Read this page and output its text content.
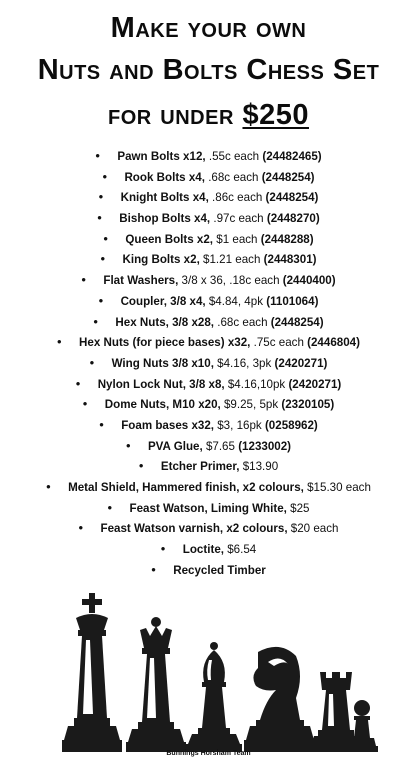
Make your own
Nuts and Bolts Chess Set
for under $250
• Pawn Bolts x12, .55c each (24482465)
• Rook Bolts x4, .68c each (2448254)
• Knight Bolts x4, .86c each (2448254)
• Bishop Bolts x4, .97c each (2448270)
• Queen Bolts x2, $1 each (2448288)
• King Bolts x2, $1.21 each (2448301)
• Flat Washers, 3/8 x 36, .18c each (2440400)
• Coupler, 3/8 x4, $4.84, 4pk (1101064)
• Hex Nuts, 3/8 x28, .68c each (2448254)
• Hex Nuts (for piece bases) x32, .75c each (2446804)
• Wing Nuts 3/8 x10, $4.16, 3pk (2420271)
• Nylon Lock Nut, 3/8 x8, $4.16,10pk (2420271)
• Dome Nuts, M10 x20, $9.25, 5pk (2320105)
• Foam bases x32, $3, 16pk (0258962)
• PVA Glue, $7.65 (1233002)
• Etcher Primer, $13.90
• Metal Shield, Hammered finish, x2 colours, $15.30 each
• Feast Watson, Liming White, $25
• Feast Watson varnish, x2 colours, $20 each
• Loctite, $6.54
• Recycled Timber
Bunnings Horsham Team
